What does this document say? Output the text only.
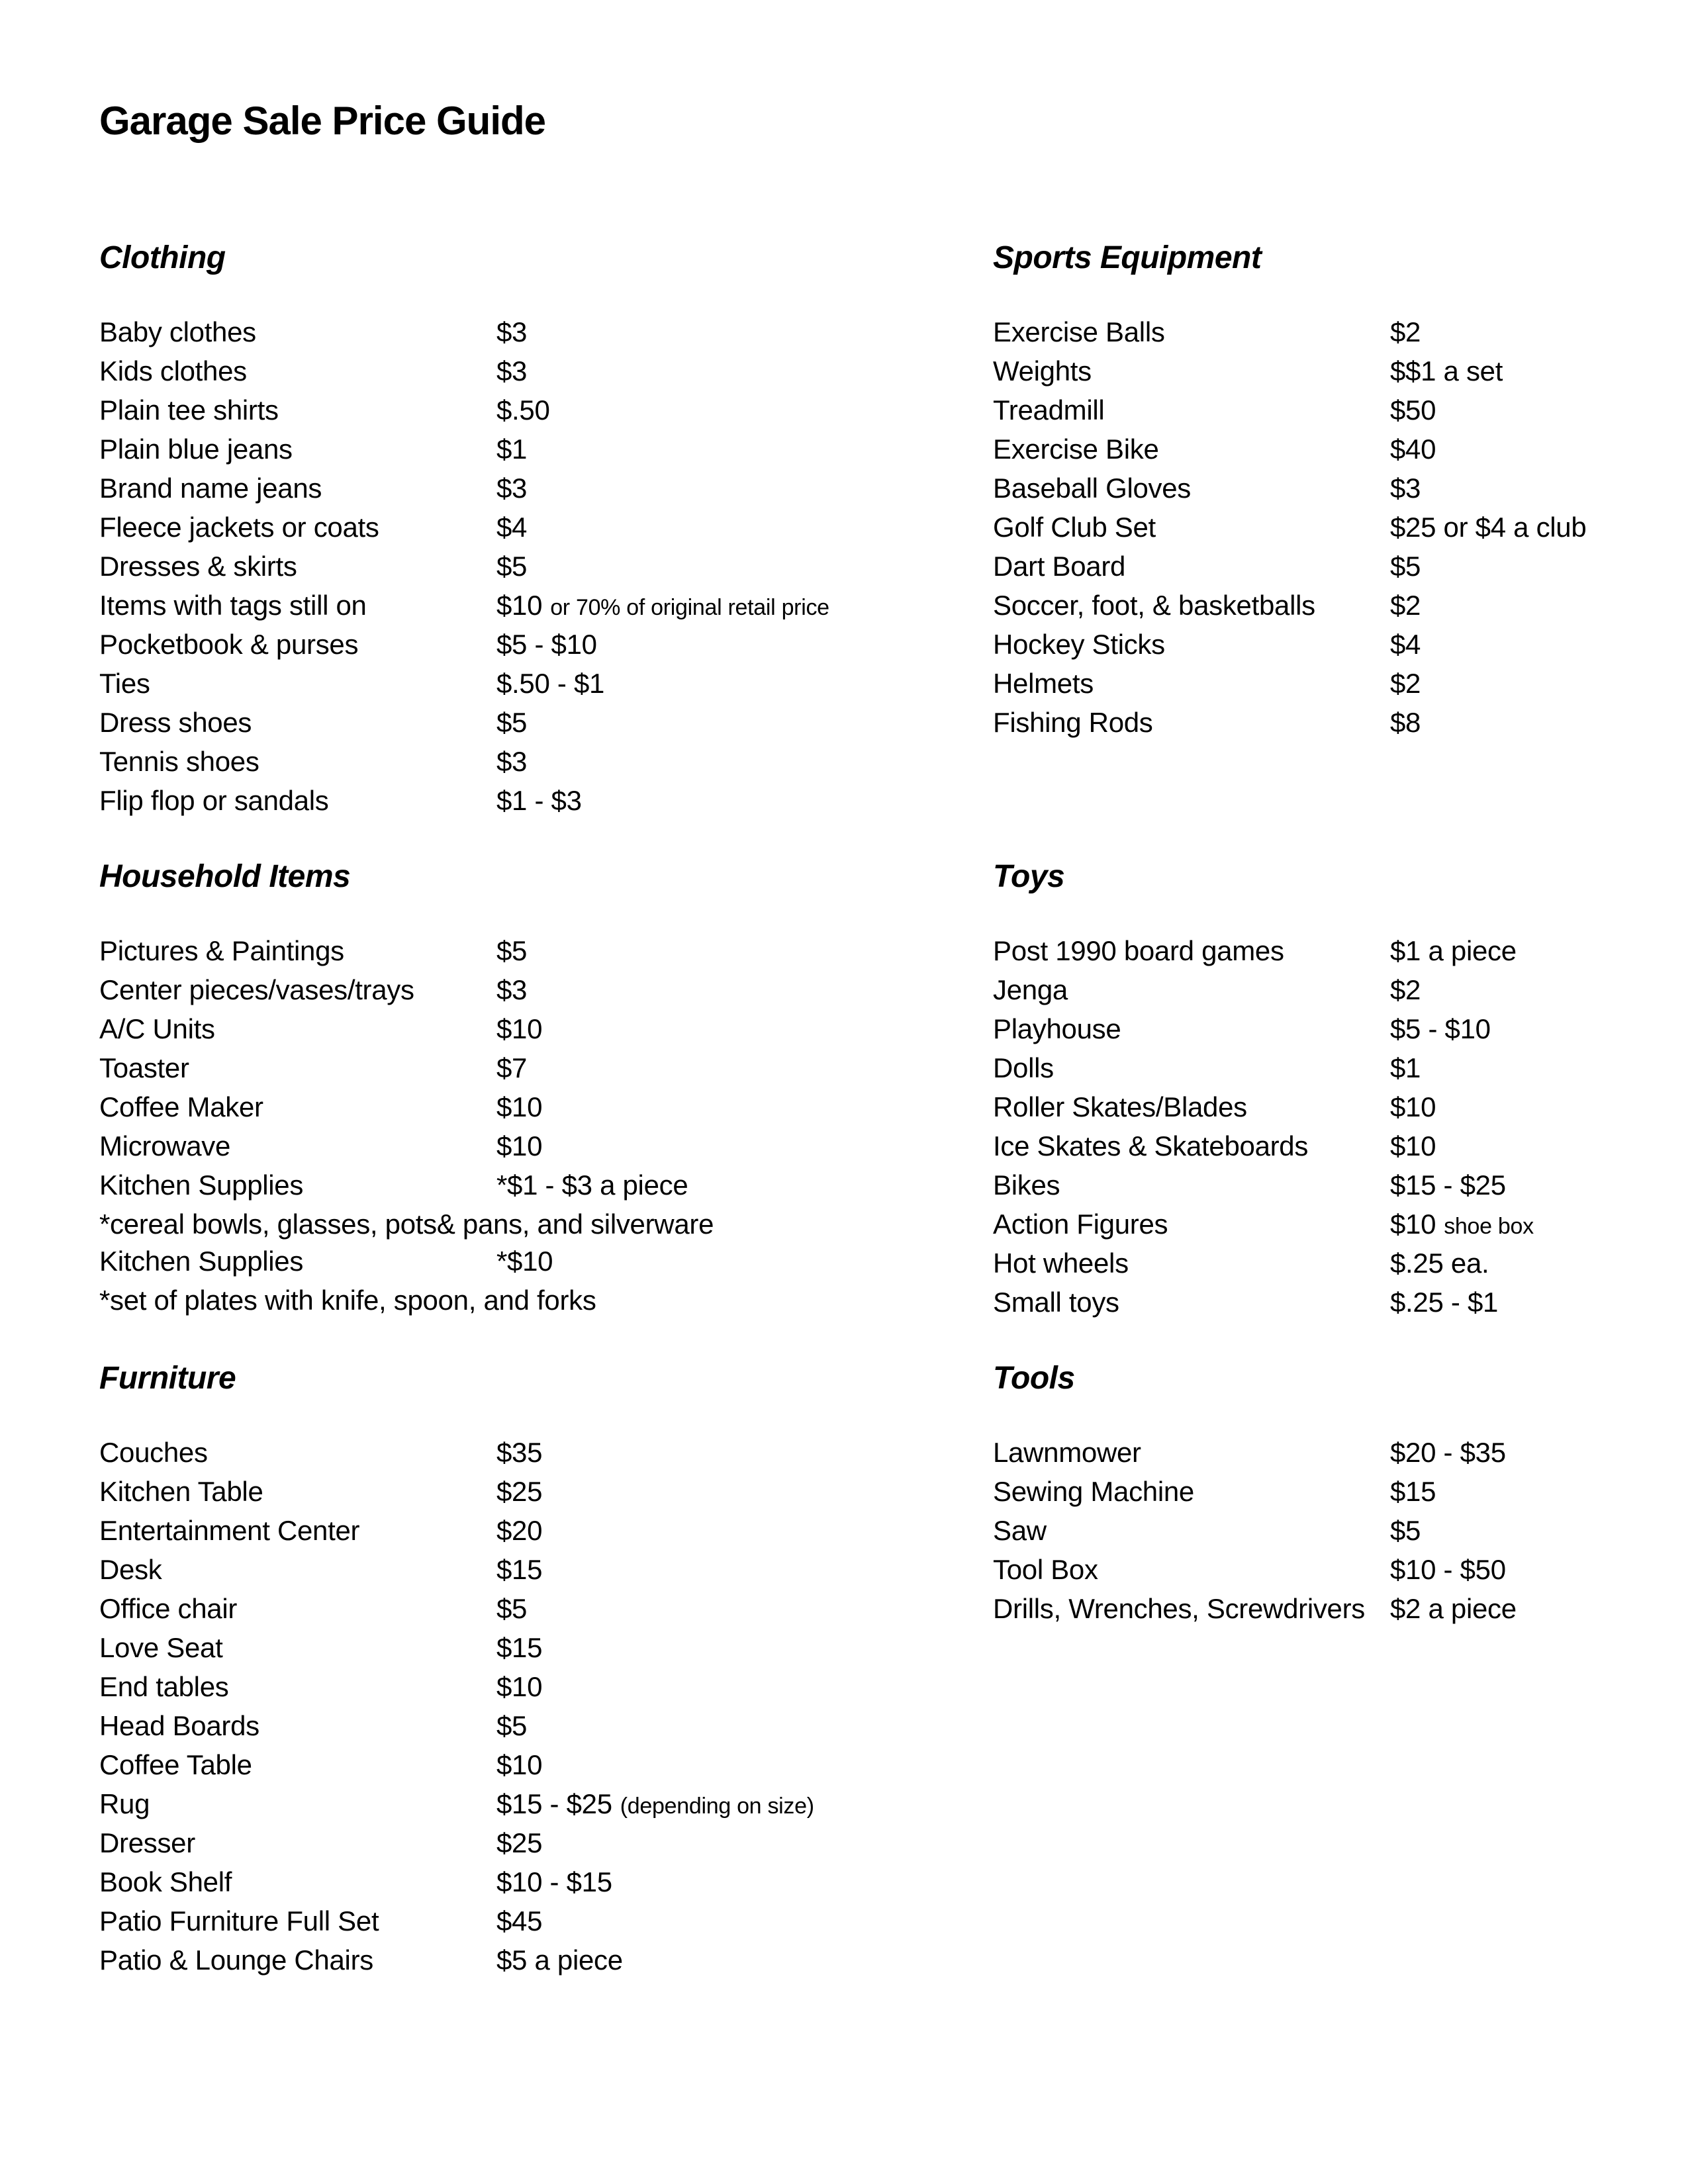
Garage Sale Price Guide
Clothing
Baby clothes	$3
Kids clothes	$3
Plain tee shirts	$.50
Plain blue jeans	$1
Brand name jeans	$3
Fleece jackets or coats	$4
Dresses & skirts	$5
Items with tags still on	$10 or 70% of original retail price
Pocketbook & purses	$5 - $10
Ties	$.50 - $1
Dress shoes	$5
Tennis shoes	$3
Flip flop or sandals	$1 - $3
Sports Equipment
Exercise Balls	$2
Weights	$$1 a set
Treadmill	$50
Exercise Bike	$40
Baseball Gloves	$3
Golf Club Set	$25 or $4 a club
Dart Board	$5
Soccer, foot, & basketballs	$2
Hockey Sticks	$4
Helmets	$2
Fishing Rods	$8
Household Items
Pictures & Paintings	$5
Center pieces/vases/trays	$3
A/C Units	$10
Toaster	$7
Coffee Maker	$10
Microwave	$10
Kitchen Supplies	*$1 - $3 a piece
*cereal bowls, glasses, pots& pans, and silverware
Kitchen Supplies	*$10
*set of plates with knife, spoon, and forks
Toys
Post 1990 board games	$1 a piece
Jenga	$2
Playhouse	$5 - $10
Dolls	$1
Roller Skates/Blades	$10
Ice Skates & Skateboards	$10
Bikes	$15 - $25
Action Figures	$10 shoe box
Hot wheels	$.25 ea.
Small toys	$.25 - $1
Furniture
Couches	$35
Kitchen Table	$25
Entertainment Center	$20
Desk	$15
Office chair	$5
Love Seat	$15
End tables	$10
Head Boards	$5
Coffee Table	$10
Rug	$15 - $25 (depending on size)
Dresser	$25
Book Shelf	$10 - $15
Patio Furniture Full Set	$45
Patio & Lounge Chairs	$5 a piece
Tools
Lawnmower	$20 - $35
Sewing Machine	$15
Saw	$5
Tool Box	$10 - $50
Drills, Wrenches, Screwdrivers $2 a piece
